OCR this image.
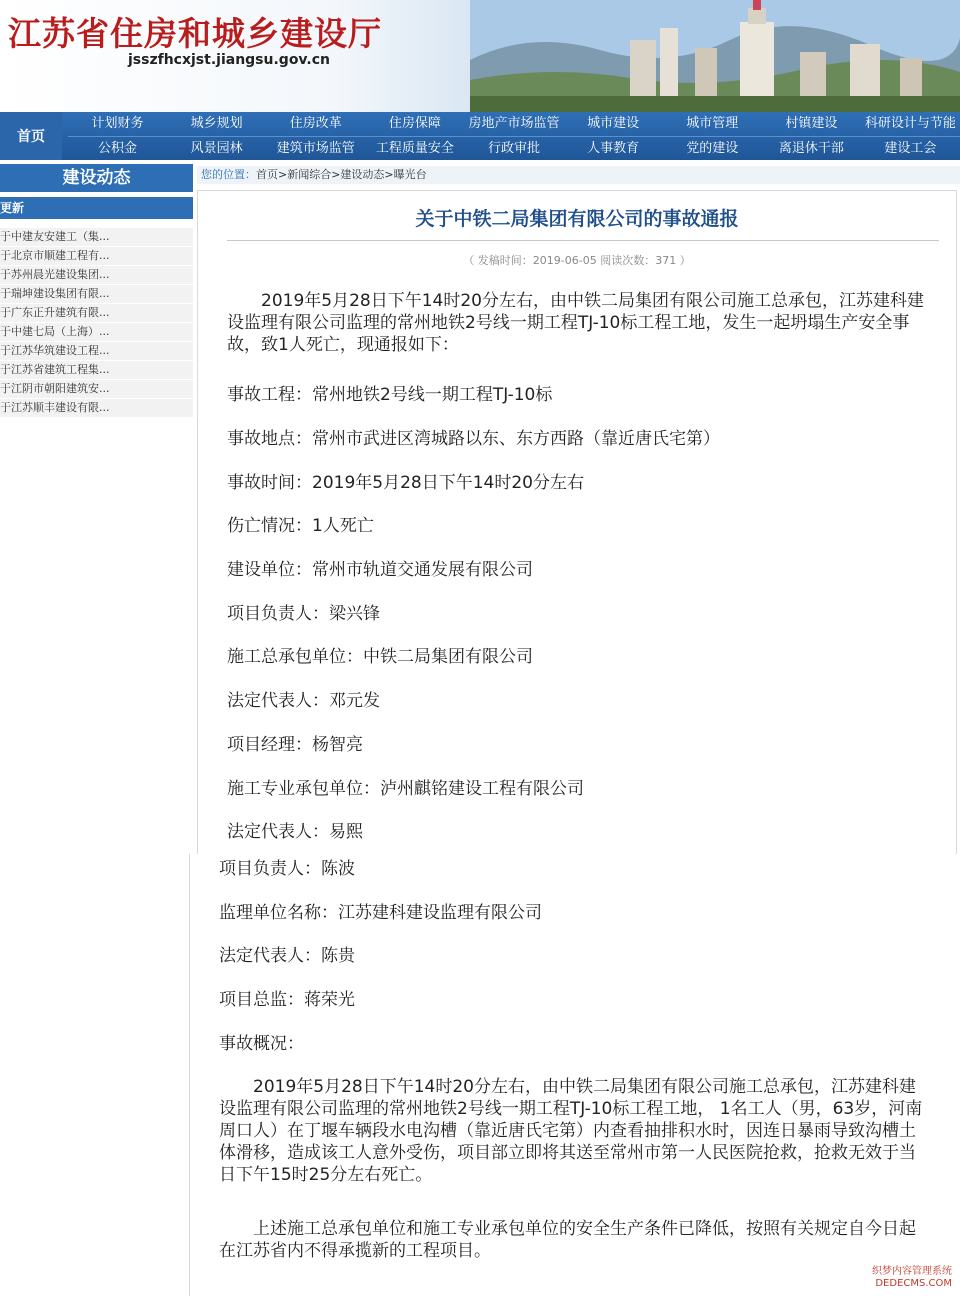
江苏省住房和城乡建设厅
jsszfhcxjst.jiangsu.gov.cn
首页
计划财务	城乡规划	住房改革	住房保障	房地产市场监管	城市建设	城市管理	村镇建设	科研设计与节能
公积金	风景园林	建筑市场监管	工程质量安全	行政审批	人事教育	党的建设	离退休干部	建设工会
建设动态
更新
于中建友安建工（集...
于北京市顺建工程有...
于苏州晨光建设集团...
于瑞坤建设集团有限...
于广东正升建筑有限...
于中建七局（上海）...
于江苏华筑建设工程...
于江苏省建筑工程集...
于江阴市朝阳建筑安...
于江苏顺丰建设有限...
您的位置：首页>新闻综合>建设动态>曝光台
关于中铁二局集团有限公司的事故通报
（ 发稿时间：2019-06-05 阅读次数：371 ）
2019年5月28日下午14时20分左右，由中铁二局集团有限公司施工总承包，江苏建科建设监理有限公司监理的常州地铁2号线一期工程TJ-10标工程工地，发生一起坍塌生产安全事故，致1人死亡，现通报如下：
事故工程：常州地铁2号线一期工程TJ-10标
事故地点：常州市武进区湾城路以东、东方西路（靠近唐氏宅第）
事故时间：2019年5月28日下午14时20分左右
伤亡情况：1人死亡
建设单位：常州市轨道交通发展有限公司
项目负责人：梁兴锋
施工总承包单位：中铁二局集团有限公司
法定代表人：邓元发
项目经理：杨智亮
施工专业承包单位：泸州麒铭建设工程有限公司
法定代表人：易熙
项目负责人：陈波
监理单位名称：江苏建科建设监理有限公司
法定代表人：陈贵
项目总监：蒋荣光
事故概况：
2019年5月28日下午14时20分左右，由中铁二局集团有限公司施工总承包，江苏建科建设监理有限公司监理的常州地铁2号线一期工程TJ-10标工程工地， 1名工人（男，63岁，河南周口人）在丁堰车辆段水电沟槽（靠近唐氏宅第）内查看抽排积水时，因连日暴雨导致沟槽土体滑移，造成该工人意外受伤，项目部立即将其送至常州市第一人民医院抢救，抢救无效于当日下午15时25分左右死亡。
上述施工总承包单位和施工专业承包单位的安全生产条件已降低，按照有关规定自今日起在江苏省内不得承揽新的工程项目。
织梦内容管理系统
DEDECMS.COM
